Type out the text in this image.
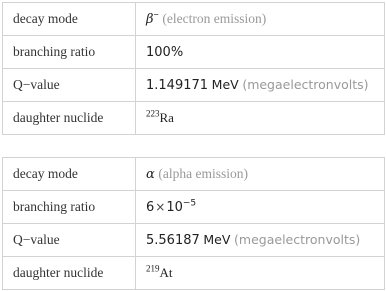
decay mode	β− (electron emission)
branching ratio	100%
Q−value	1.149171 MeV (megaelectronvolts)
daughter nuclide	$^{223}$Ra
decay mode	α (alpha emission)
branching ratio	$6\times 10^{-5}$
Q−value	5.56187 MeV (megaelectronvolts)
daughter nuclide	$^{219}$At
